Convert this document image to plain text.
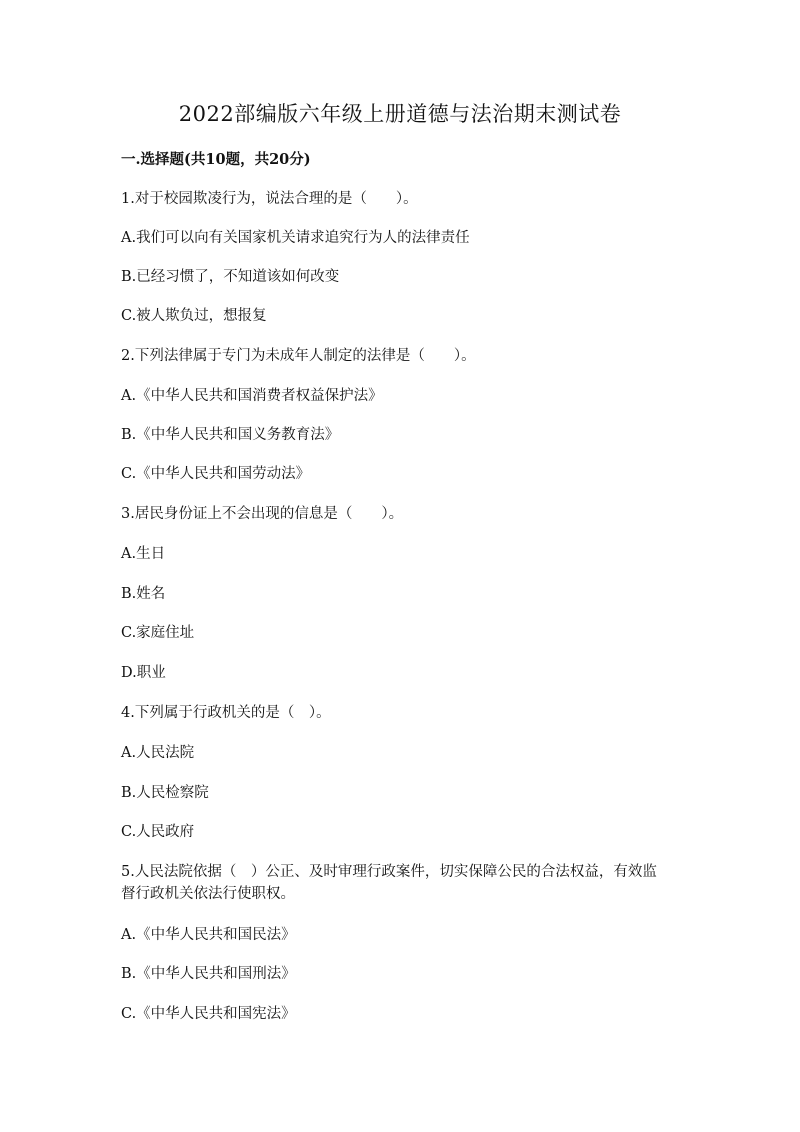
2022部编版六年级上册道德与法治期末测试卷
一.选择题(共10题，共20分)
1.对于校园欺凌行为，说法合理的是（　　）。
A.我们可以向有关国家机关请求追究行为人的法律责任
B.已经习惯了，不知道该如何改变
C.被人欺负过，想报复
2.下列法律属于专门为未成年人制定的法律是（　　）。
A.《中华人民共和国消费者权益保护法》
B.《中华人民共和国义务教育法》
C.《中华人民共和国劳动法》
3.居民身份证上不会出现的信息是（　　）。
A.生日
B.姓名
C.家庭住址
D.职业
4.下列属于行政机关的是（　）。
A.人民法院
B.人民检察院
C.人民政府
5.人民法院依据（　）公正、及时审理行政案件，切实保障公民的合法权益，有效监督行政机关依法行使职权。
A.《中华人民共和国民法》
B.《中华人民共和国刑法》
C.《中华人民共和国宪法》
